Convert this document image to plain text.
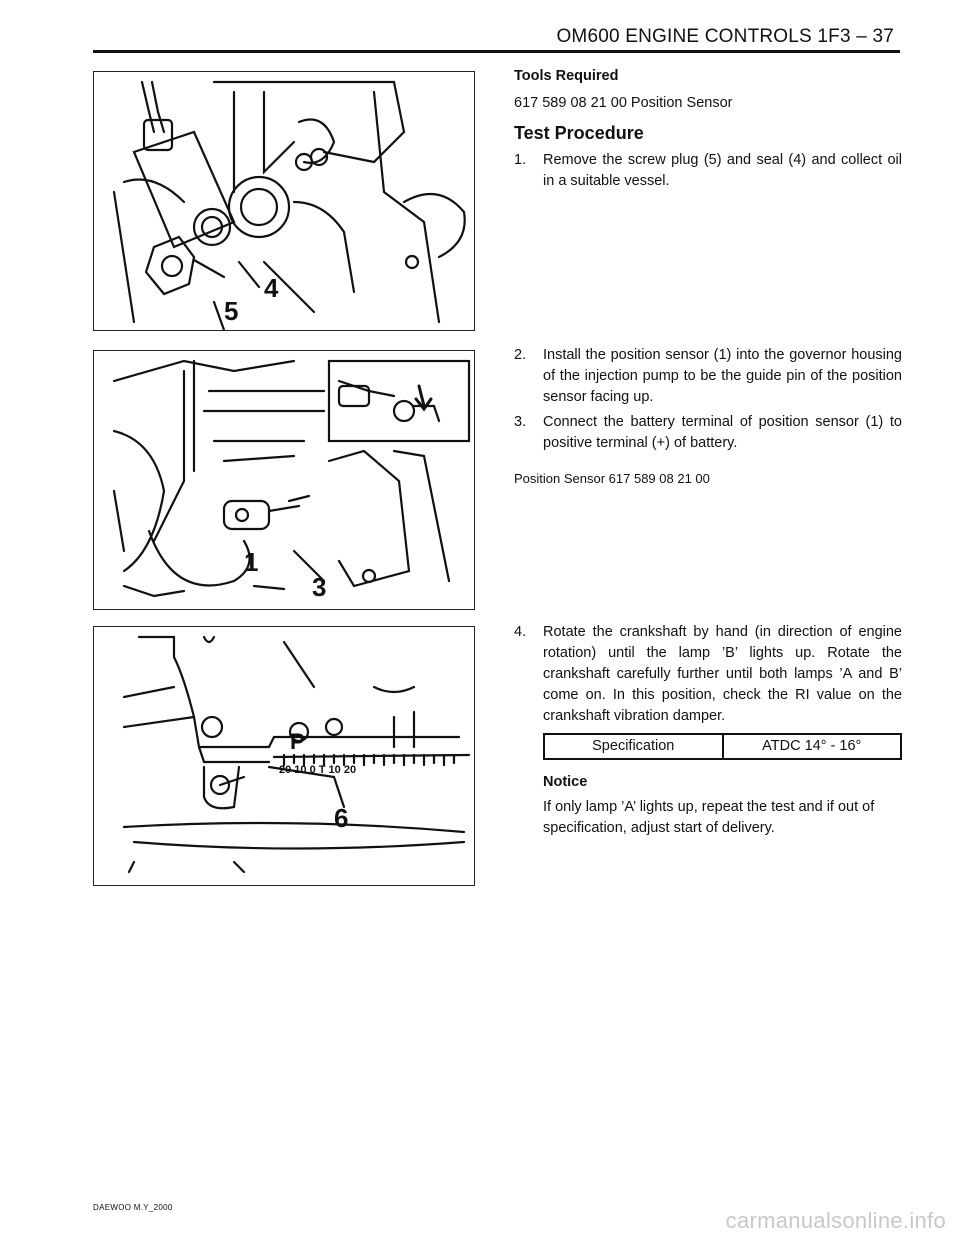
OM600 ENGINE CONTROLS 1F3 – 37
5
4
1
3
P
20 10 0 T 10 20
6

Tools Required

617 589 08 21 00 Position Sensor

Test Procedure
1. Remove the screw plug (5) and seal (4) and collect oil in a suitable vessel.
2. Install the position sensor (1) into the governor housing of the injection pump to be the guide pin of the position sensor facing up.
3. Connect the battery terminal of position sensor (1) to positive terminal (+) of battery.

Position Sensor 617 589 08 21 00

4. Rotate the crankshaft by hand (in direction of engine rotation) until the lamp ’B’ lights up. Rotate the crankshaft carefully further until both lamps ’A and B’ come on. In this position, check the RI value on the crankshaft vibration damper.
Specification	ATDC 14° - 16°

Notice

If only lamp ’A’ lights up, repeat the test and if out of specification, adjust start of delivery.

DAEWOO M.Y_2000
carmanualsonline.info
